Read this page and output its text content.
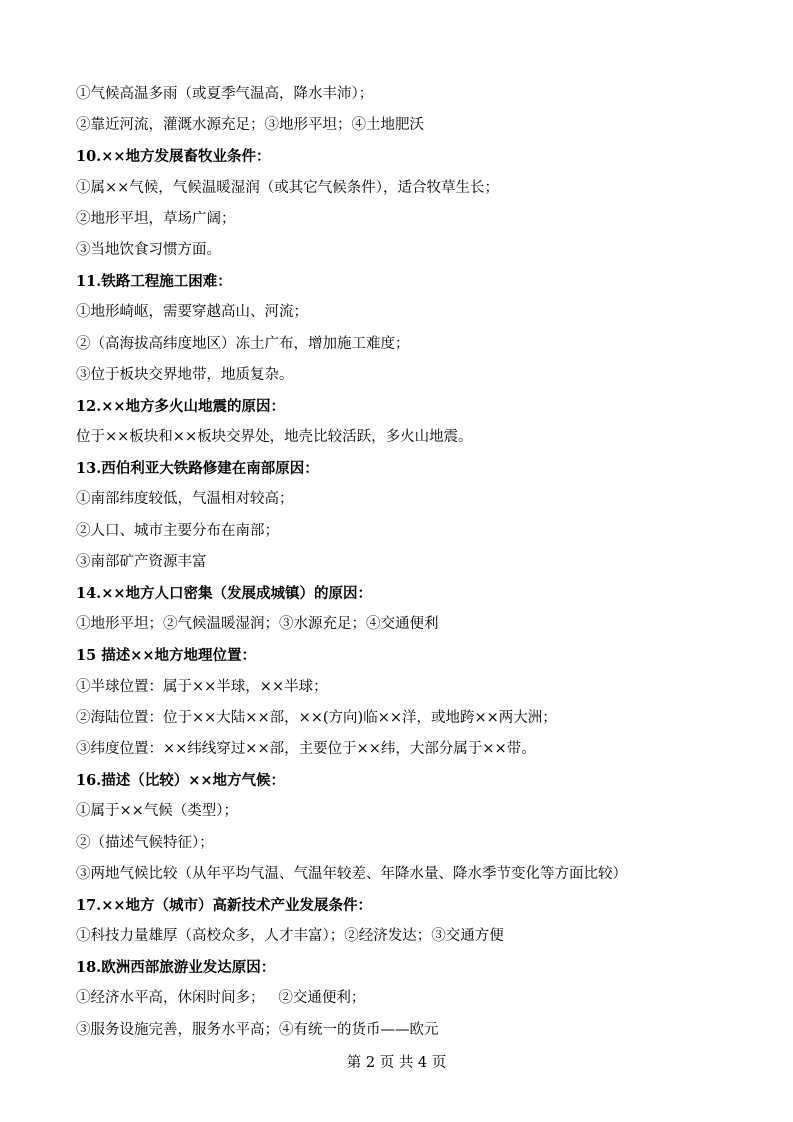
①气候高温多雨（或夏季气温高，降水丰沛）；
②靠近河流，灌溉水源充足；③地形平坦；④土地肥沃
10.××地方发展畜牧业条件：
①属××气候，气候温暖湿润（或其它气候条件），适合牧草生长；
②地形平坦，草场广阔；
③当地饮食习惯方面。
11.铁路工程施工困难：
①地形崎岖，需要穿越高山、河流；
②（高海拔高纬度地区）冻土广布，增加施工难度；
③位于板块交界地带，地质复杂。
12.××地方多火山地震的原因：
位于××板块和××板块交界处，地壳比较活跃，多火山地震。
13.西伯利亚大铁路修建在南部原因：
①南部纬度较低，气温相对较高；
②人口、城市主要分布在南部；
③南部矿产资源丰富
14.××地方人口密集（发展成城镇）的原因：
①地形平坦；②气候温暖湿润；③水源充足；④交通便利
15 描述××地方地理位置：
①半球位置：属于××半球，××半球；
②海陆位置：位于××大陆××部，××(方向)临××洋，或地跨××两大洲；
③纬度位置：××纬线穿过××部，主要位于××纬，大部分属于××带。
16.描述（比较）××地方气候：
①属于××气候（类型）；
②（描述气候特征）；
③两地气候比较（从年平均气温、气温年较差、年降水量、降水季节变化等方面比较）
17.××地方（城市）高新技术产业发展条件：
①科技力量雄厚（高校众多，人才丰富）；②经济发达；③交通方便
18.欧洲西部旅游业发达原因：
①经济水平高，休闲时间多；   ②交通便利；
③服务设施完善，服务水平高；④有统一的货币——欧元
第 2 页 共 4 页
